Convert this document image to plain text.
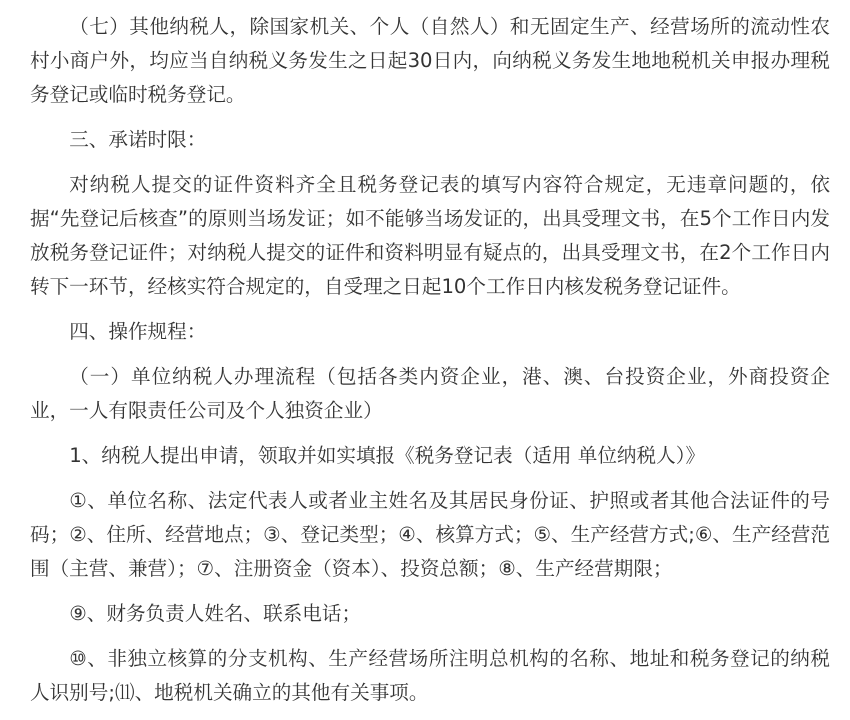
（七）其他纳税人，除国家机关、个人（自然人）和无固定生产、经营场所的流动性农村小商户外，均应当自纳税义务发生之日起30日内，向纳税义务发生地地税机关申报办理税务登记或临时税务登记。

三、承诺时限：

对纳税人提交的证件资料齐全且税务登记表的填写内容符合规定，无违章问题的，依据“先登记后核查”的原则当场发证；如不能够当场发证的，出具受理文书，在5个工作日内发放税务登记证件；对纳税人提交的证件和资料明显有疑点的，出具受理文书，在2个工作日内转下一环节，经核实符合规定的，自受理之日起10个工作日内核发税务登记证件。

四、操作规程：

（一）单位纳税人办理流程（包括各类内资企业，港、澳、台投资企业，外商投资企业，一人有限责任公司及个人独资企业）

1、纳税人提出申请，领取并如实填报《税务登记表（适用 单位纳税人）》

①、单位名称、法定代表人或者业主姓名及其居民身份证、护照或者其他合法证件的号码；②、住所、经营地点；③、登记类型；④、核算方式；⑤、生产经营方式;⑥、生产经营范围（主营、兼营）；⑦、注册资金（资本）、投资总额；⑧、生产经营期限；

⑨、财务负责人姓名、联系电话；

⑩、非独立核算的分支机构、生产经营场所注明总机构的名称、地址和税务登记的纳税人识别号;⑾、地税机关确立的其他有关事项。
